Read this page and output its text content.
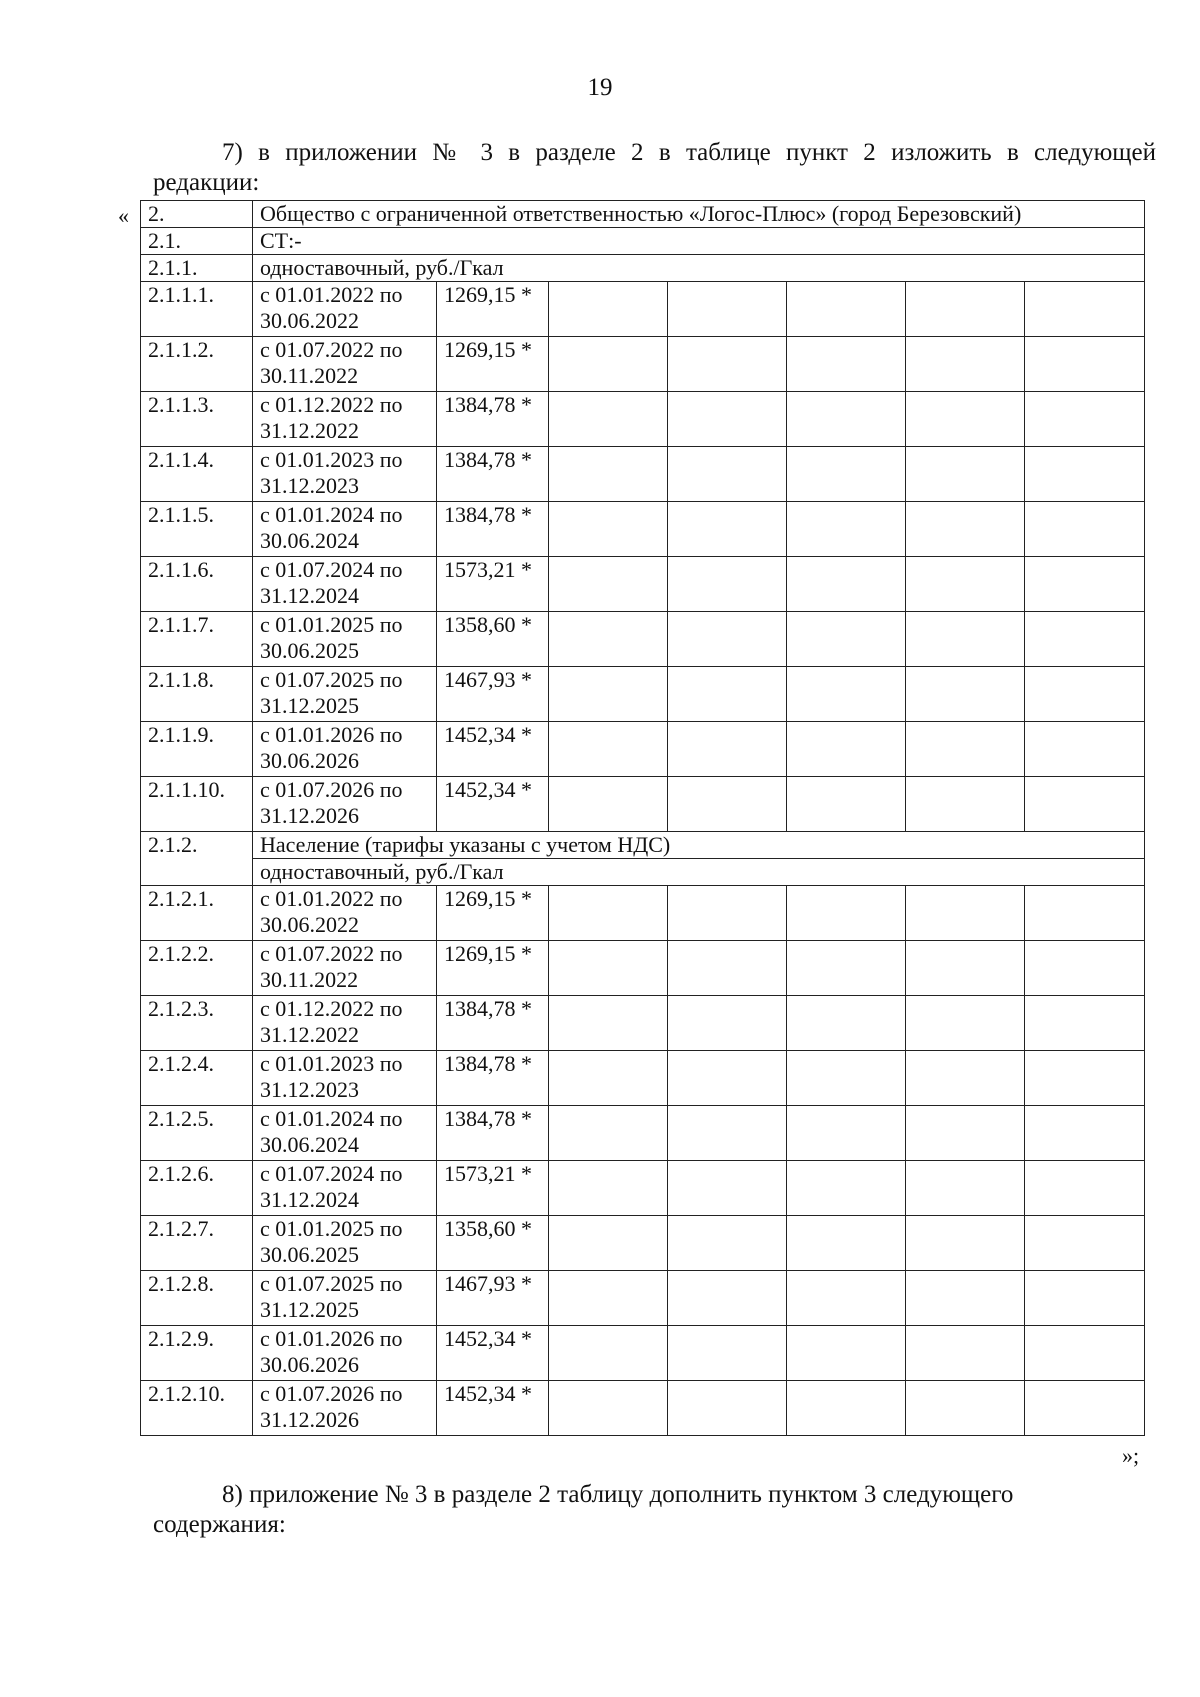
19
7) в приложении № 3 в разделе 2 в таблице пункт 2 изложить в следующей
редакции:
« 2.	Общество с ограниченной ответственностью «Логос-Плюс» (город Березовский)						
2.1.	СТ:-						
2.1.1.	одноставочный, руб./Гкал						
2.1.1.1.	с 01.01.2022 по 30.06.2022	1269,15 *					
2.1.1.2.	с 01.07.2022 по 30.11.2022	1269,15 *					
2.1.1.3.	с 01.12.2022 по 31.12.2022	1384,78 *					
2.1.1.4.	с 01.01.2023 по 31.12.2023	1384,78 *					
2.1.1.5.	с 01.01.2024 по 30.06.2024	1384,78 *					
2.1.1.6.	с 01.07.2024 по 31.12.2024	1573,21 *					
2.1.1.7.	с 01.01.2025 по 30.06.2025	1358,60 *					
2.1.1.8.	с 01.07.2025 по 31.12.2025	1467,93 *					
2.1.1.9.	с 01.01.2026 по 30.06.2026	1452,34 *					
2.1.1.10.	с 01.07.2026 по 31.12.2026	1452,34 *					
2.1.2.	Население (тарифы указаны с учетом НДС)						
	одноставочный, руб./Гкал						
2.1.2.1.	с 01.01.2022 по 30.06.2022	1269,15 *					
2.1.2.2.	с 01.07.2022 по 30.11.2022	1269,15 *					
2.1.2.3.	с 01.12.2022 по 31.12.2022	1384,78 *					
2.1.2.4.	с 01.01.2023 по 31.12.2023	1384,78 *					
2.1.2.5.	с 01.01.2024 по 30.06.2024	1384,78 *					
2.1.2.6.	с 01.07.2024 по 31.12.2024	1573,21 *					
2.1.2.7.	с 01.01.2025 по 30.06.2025	1358,60 *					
2.1.2.8.	с 01.07.2025 по 31.12.2025	1467,93 *					
2.1.2.9.	с 01.01.2026 по 30.06.2026	1452,34 *					
2.1.2.10.	с 01.07.2026 по 31.12.2026	1452,34 *					
»;
8) приложение № 3 в разделе 2 таблицу дополнить пунктом 3 следующего
содержания:
